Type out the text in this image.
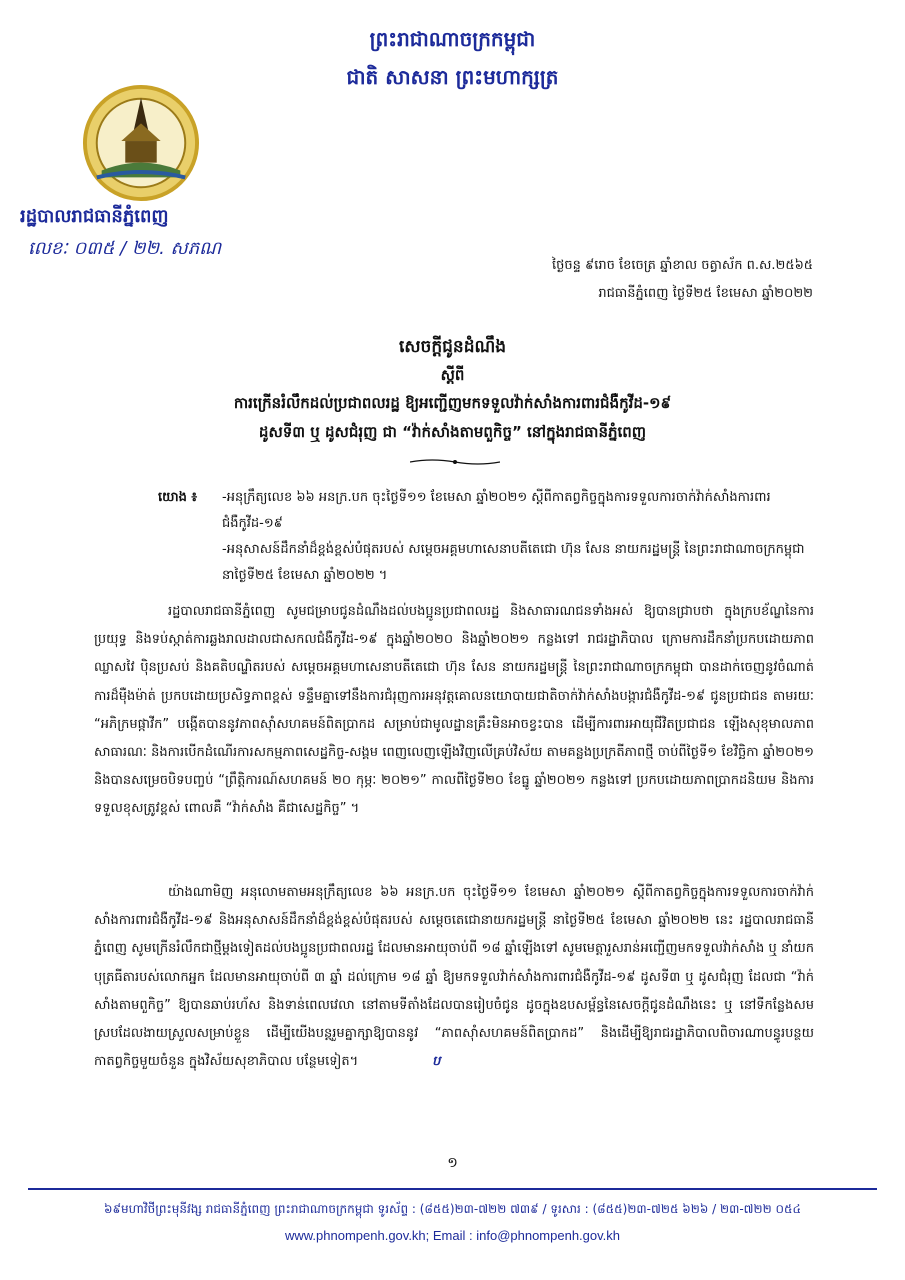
ព្រះរាជាណាចក្រកម្ពុជា
ជាតិ សាសនា ព្រះមហាក្សត្រ
រដ្ឋបាលរាជធានីភ្នំពេញ
លេខៈ ០៣៥ / ២២. សភណ
ថ្ងៃចន្ទ ៩រោច ខែចេត្រ ឆ្នាំខាល ចត្វាស័ក ព.ស.២៥៦៥
រាជធានីភ្នំពេញ ថ្ងៃទី២៥ ខែមេសា ឆ្នាំ២០២២
សេចក្តីជូនដំណឹង
ស្តីពី
ការក្រើនរំលឹកដល់ប្រជាពលរដ្ឋ ឱ្យអញ្ជើញមកទទួលវ៉ាក់សាំងការពារជំងឺកូវីដ-១៩
ដូសទី៣ ឬ ដូសជំរុញ ជា “វ៉ាក់សាំងតាមពួកិច្ច” នៅក្នុងរាជធានីភ្នំពេញ
យោង ៖	-អនុក្រឹត្យលេខ ៦៦ អនក្រ.បក ចុះថ្ងៃទី១១ ខែមេសា ឆ្នាំ២០២១ ស្តីពីកាតព្វកិច្ចក្នុងការទទួលការចាក់វ៉ាក់សាំងការពារជំងឺកូវីដ-១៩
-អនុសាសន៍ដឹកនាំដ៏ខ្ពង់ខ្ពស់បំផុតរបស់ សម្តេចអគ្គមហាសេនាបតីតេជោ ហ៊ុន សែន នាយករដ្ឋមន្ត្រី នៃព្រះរាជាណាចក្រកម្ពុជា នាថ្ងៃទី២៥ ខែមេសា ឆ្នាំ២០២២ ។
រដ្ឋបាលរាជធានីភ្នំពេញ សូមជម្រាបជូនដំណឹងដល់បងប្អូនប្រជាពលរដ្ឋ និងសាធារណជនទាំងអស់ ឱ្យបានជ្រាបថា ក្នុងក្របខ័ណ្ឌនៃការប្រយុទ្ធ និងទប់ស្កាត់ការឆ្លងរាលដាលជាសកលជំងឺកូវីដ-១៩ ក្នុងឆ្នាំ២០២០ និងឆ្នាំ២០២១ កន្លងទៅ រាជរដ្ឋាភិបាល ក្រោមការដឹកនាំប្រកបដោយភាពឈ្លាសវៃ ប៉ិនប្រសប់ និងគតិបណ្ឌិតរបស់ សម្តេចអគ្គមហាសេនាបតីតេជោ ហ៊ុន សែន នាយករដ្ឋមន្ត្រី នៃព្រះរាជាណាចក្រកម្ពុជា បានដាក់ចេញនូវចំណាត់ការដ៏ម៉ឺងម៉ាត់ ប្រកបដោយប្រសិទ្ធភាពខ្ពស់ ទន្ទឹមគ្នាទៅនឹងការជំរុញការអនុវត្តគោលនយោបាយជាតិចាក់វ៉ាក់សាំងបង្ការជំងឺកូវីដ-១៩ ជូនប្រជាជន តាមរយៈ “អភិក្រមផ្កាវីក” បង្កើតបាននូវភាពស៊ាំសហគមន៍ពិតប្រាកដ សម្រាប់ជាមូលដ្ឋានគ្រឹះមិនអាចខ្វះបាន ដើម្បីការពារអាយុជីវិតប្រជាជន ឡើងសុខុមាលភាពសាធារណៈ និងការបើកដំណើរការសកម្មភាពសេដ្ឋកិច្ច-សង្គម ពេញលេញឡើងវិញលើគ្រប់វិស័យ តាមគន្លងប្រក្រតីភាពថ្មី ចាប់ពីថ្ងៃទី១ ខែវិច្ឆិកា ឆ្នាំ២០២១ និងបានសម្រេចបិទបញ្ចប់ “ព្រឹត្តិការណ៍សហគមន៍ ២០ កុម្ភៈ ២០២១” កាលពីថ្ងៃទី២០ ខែធ្នូ ឆ្នាំ២០២១ កន្លងទៅ ប្រកបដោយភាពប្រាកដនិយម និងការទទួលខុសត្រូវខ្ពស់ ពោលគឺ “វ៉ាក់សាំង គឺជាសេដ្ឋកិច្ច” ។
យ៉ាងណាមិញ អនុលោមតាមអនុក្រឹត្យលេខ ៦៦ អនក្រ.បក ចុះថ្ងៃទី១១ ខែមេសា ឆ្នាំ២០២១ ស្តីពីកាតព្វកិច្ចក្នុងការទទួលការចាក់វ៉ាក់សាំងការពារជំងឺកូវីដ-១៩ និងអនុសាសន៍ដឹកនាំដ៏ខ្ពង់ខ្ពស់បំផុតរបស់ សម្តេចតេជោនាយករដ្ឋមន្ត្រី នាថ្ងៃទី២៥ ខែមេសា ឆ្នាំ២០២២ នេះ រដ្ឋបាលរាជធានីភ្នំពេញ សូមក្រើនរំលឹកជាថ្មីម្តងទៀតដល់បងប្អូនប្រជាពលរដ្ឋ ដែលមានអាយុចាប់ពី ១៨ ឆ្នាំឡើងទៅ សូមមេត្តារួសរាន់អញ្ជើញមកទទួលវ៉ាក់សាំង ឬ នាំយកបុត្រធីតារបស់លោកអ្នក ដែលមានអាយុចាប់ពី ៣ ឆ្នាំ ដល់ក្រោម ១៨ ឆ្នាំ ឱ្យមកទទួលវ៉ាក់សាំងការពារជំងឺកូវីដ-១៩ ដូសទី៣ ឬ ដូសជំរុញ ដែលជា “វ៉ាក់សាំងតាមពួកិច្ច” ឱ្យបានឆាប់រហ័ស និងទាន់ពេលវេលា នៅតាមទីតាំងដែលបានរៀបចំជូន ដូចក្នុងឧបសម្ព័ន្ធនៃសេចក្តីជូនដំណឹងនេះ ឬ នៅទីកន្លែងសមស្របដែលងាយស្រួលសម្រាប់ខ្លួន ដើម្បីយើងបន្តរួមគ្នាក្សាឱ្យបាននូវ “ភាពស៊ាំសហគមន៍ពិតប្រាកដ” និងដើម្បីឱ្យរាជរដ្ឋាភិបាលពិចារណាបន្ធូរបន្ថយកាតព្វកិច្ចមួយចំនួន ក្នុងវិស័យសុខាភិបាល បន្ថែមទៀត។	ប
១
៦៩មហាវិថីព្រះមុនីវង្ស រាជធានីភ្នំពេញ ព្រះរាជាណាចក្រកម្ពុជា ទូរស័ព្ទ : (៨៥៥)២៣-៧២២ ៧៣៩ / ទូរសារ : (៨៥៥)២៣-៧២៥ ៦២៦ / ២៣-៧២២ ០៥៤
www.phnompenh.gov.kh; Email : info@phnompenh.gov.kh
